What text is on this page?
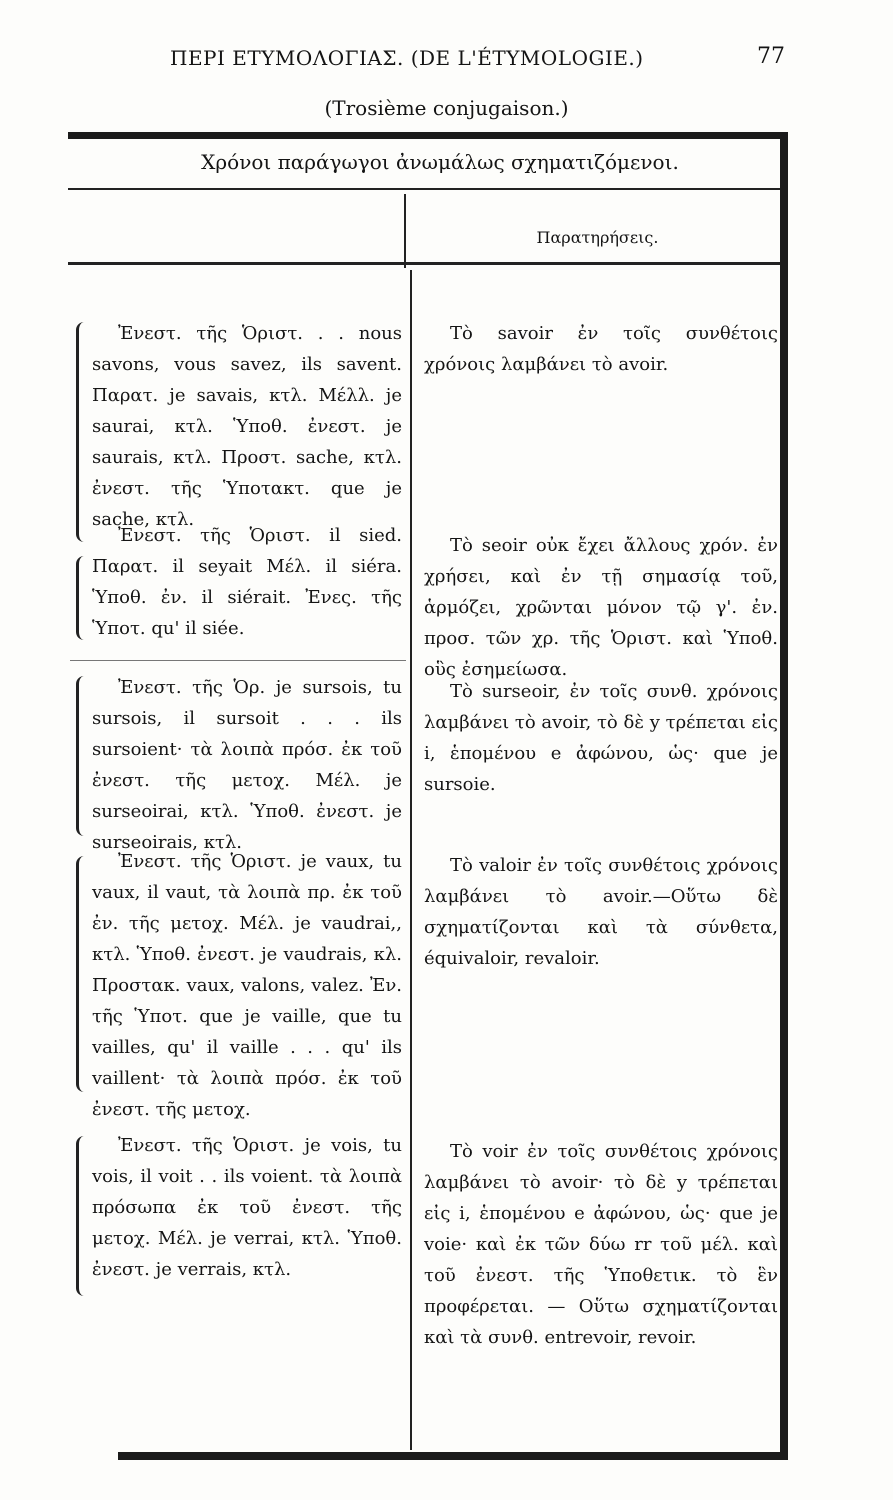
ΠΕΡΙ ΕΤΥΜΟΛΟΓΙΑΣ. (DE L'ÉTYMOLOGIE.)	77
(Trosième conjugaison.)
Χρόνοι παράγωγοι ἀνωμάλως σχηματιζόμενοι.
Παρατηρήσεις.

Ἐνεστ. τῆς Ὁριστ. . . nous savons, vous savez, ils savent. Παρατ. je savais, κτλ. Μέλλ. je saurai, κτλ. Ὑποθ. ἐνεστ. je saurais, κτλ. Προστ. sache, κτλ. ἐνεστ. τῆς Ὑποτακτ. que je sache, κτλ.

Ἐνεστ. τῆς Ὁριστ. il sied. Παρατ. il seyait Μέλ. il siéra. Ὑποθ. ἐν. il siérait. Ἐνες. τῆς Ὑποτ. qu' il siée.

Ἐνεστ. τῆς Ὁρ. je sursois, tu sursois, il sursoit . . . ils sursoient· τὰ λοιπὰ πρόσ. ἐκ τοῦ ἐνεστ. τῆς μετοχ. Μέλ. je surseoirai, κτλ. Ὑποθ. ἐνεστ. je surseoirais, κτλ.

Ἐνεστ. τῆς Ὁριστ. je vaux, tu vaux, il vaut, τὰ λοιπὰ πρ. ἐκ τοῦ ἐν. τῆς μετοχ. Μέλ. je vaudrai,, κτλ. Ὑποθ. ἐνεστ. je vaudrais, κλ. Προστακ. vaux, valons, valez. Ἐν. τῆς Ὑποτ. que je vaille, que tu vailles, qu' il vaille . . . qu' ils vaillent· τὰ λοιπὰ πρόσ. ἐκ τοῦ ἐνεστ. τῆς μετοχ.

Ἐνεστ. τῆς Ὁριστ. je vois, tu vois, il voit . . ils voient. τὰ λοιπὰ πρόσωπα ἐκ τοῦ ἐνεστ. τῆς μετοχ. Μέλ. je verrai, κτλ. Ὑποθ. ἐνεστ. je verrais, κτλ.

Τὸ savoir ἐν τοῖς συνθέτοις χρόνοις λαμβάνει τὸ avoir.

Τὸ seoir οὐκ ἔχει ἄλλους χρόν. ἐν χρήσει, καὶ ἐν τῇ σημασίᾳ τοῦ, ἁρμόζει, χρῶνται μόνον τῷ γ'. ἐν. προσ. τῶν χρ. τῆς Ὁριστ. καὶ Ὑποθ. οὓς ἐσημείωσα.

Τὸ surseoir, ἐν τοῖς συνθ. χρόνοις λαμβάνει τὸ avoir, τὸ δὲ y τρέπεται εἰς i, ἑπομένου e ἀφώνου, ὡς· que je sursoie.

Τὸ valoir ἐν τοῖς συνθέτοις χρόνοις λαμβάνει τὸ avoir.—Οὕτω δὲ σχηματίζονται καὶ τὰ σύνθετα, équivaloir, revaloir.

Τὸ voir ἐν τοῖς συνθέτοις χρόνοις λαμβάνει τὸ avoir· τὸ δὲ y τρέπεται εἰς i, ἑπομένου e ἀφώνου, ὡς· que je voie· καὶ ἐκ τῶν δύω rr τοῦ μέλ. καὶ τοῦ ἐνεστ. τῆς Ὑποθετικ. τὸ ἓν προφέρεται. — Οὕτω σχηματίζονται καὶ τὰ συνθ. entrevoir, revoir.
